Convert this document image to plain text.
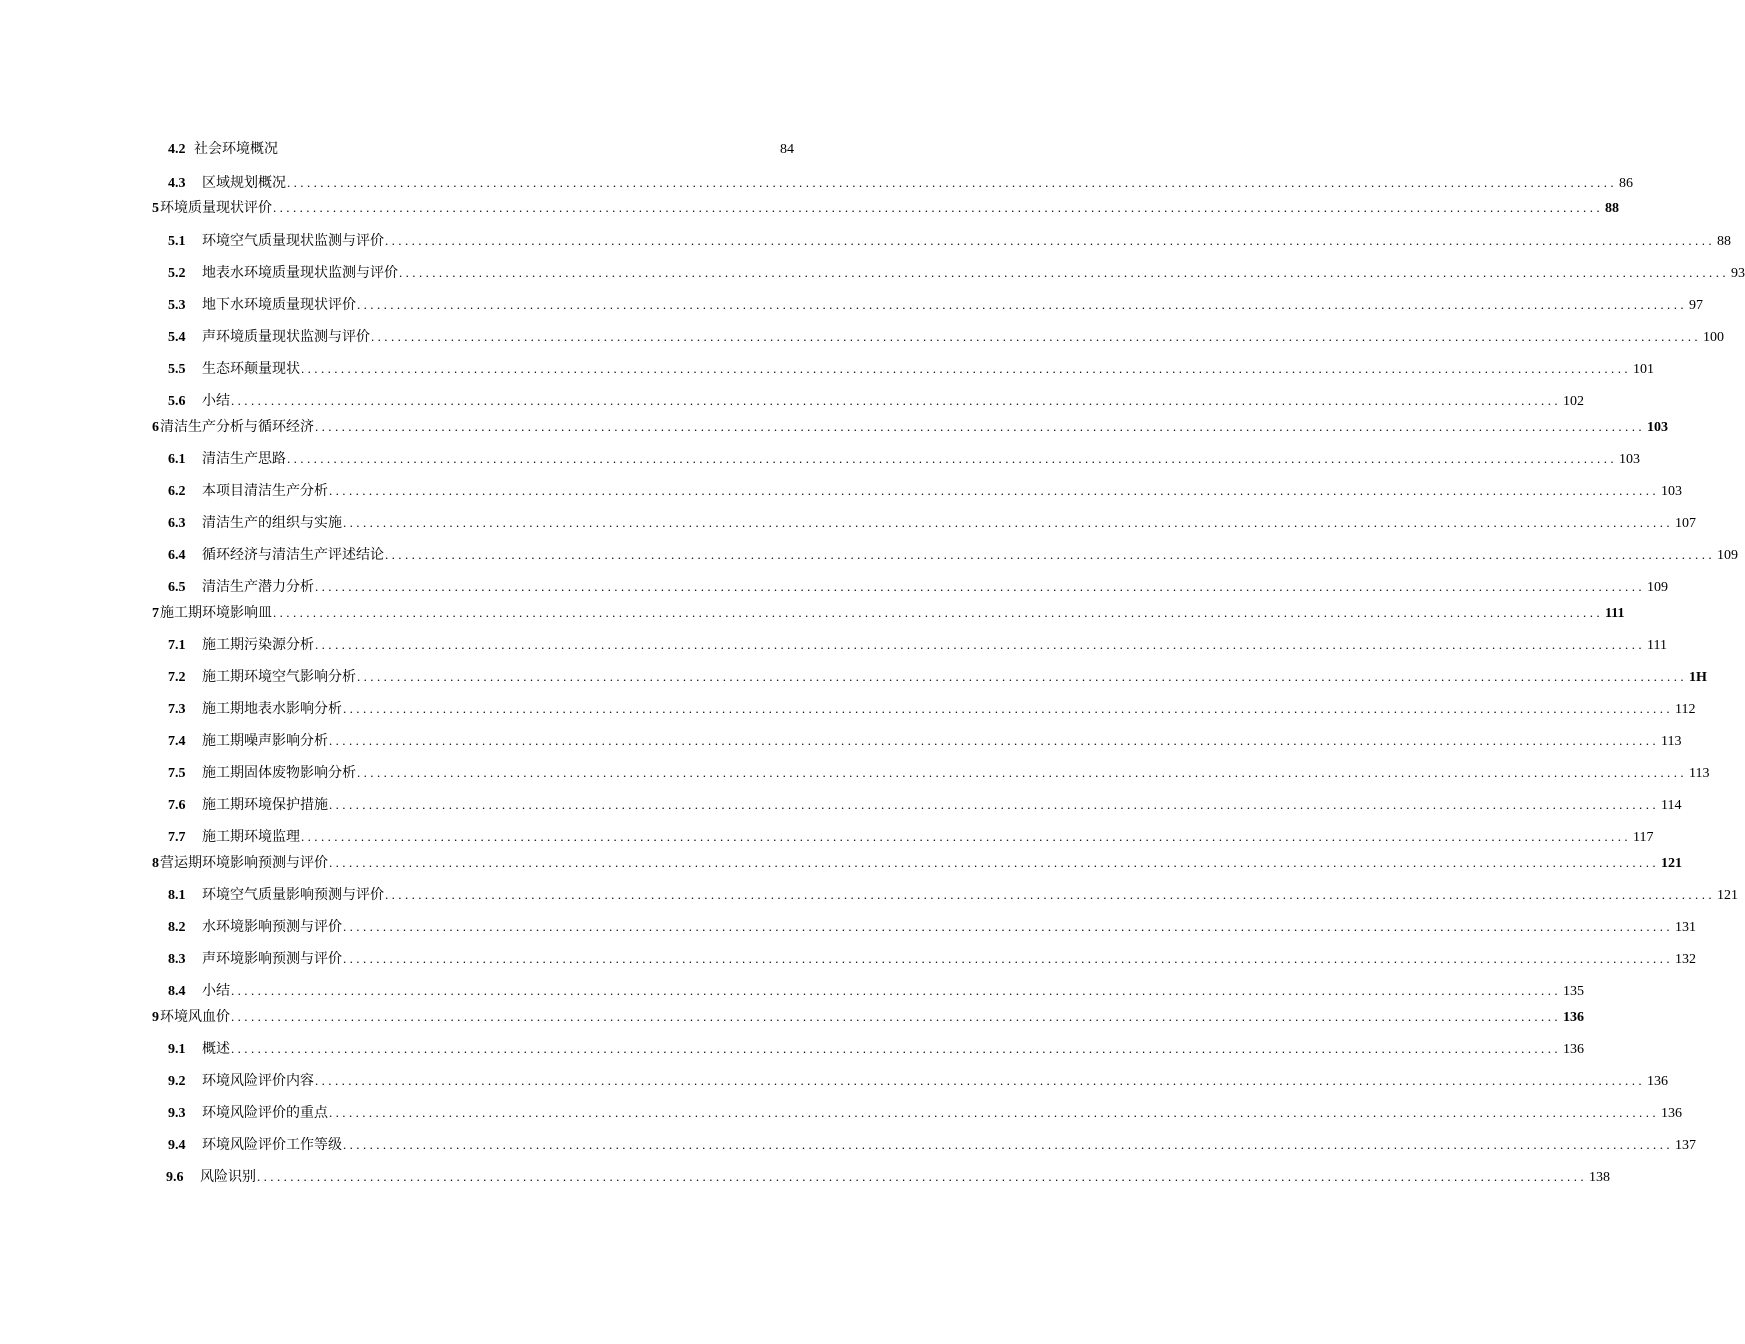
4.2 社会环境概况	84
4.3	区域规划概况 ........................................................................................................................................................................................................ 86
5 环境质量现状评价 ........................................................................................................................................................................................................ 88
5.1	环境空气质量现状监测与评价 ........................................................................................................................................................................................................ 88
5.2	地表水环境质量现状监测与评价 ........................................................................................................................................................................................................ 93
5.3	地下水环境质量现状评价 ........................................................................................................................................................................................................ 97
5.4	声环境质量现状监测与评价 ........................................................................................................................................................................................................ 100
5.5	生态环颠量现状 ........................................................................................................................................................................................................ 101
5.6	小结 ........................................................................................................................................................................................................ 102
6 清洁生产分析与循环经济 ........................................................................................................................................................................................................ 103
6.1	清洁生产思路 ........................................................................................................................................................................................................ 103
6.2	本项目清洁生产分析 ........................................................................................................................................................................................................ 103
6.3	清洁生产的组织与实施 ........................................................................................................................................................................................................ 107
6.4	循环经济与清洁生产评述结论 ........................................................................................................................................................................................................ 109
6.5	清洁生产潜力分析 ........................................................................................................................................................................................................ 109
7 施工期环境影响皿 ........................................................................................................................................................................................................ 111
7.1	施工期污染源分析 ........................................................................................................................................................................................................ 111
7.2	施工期环境空气影响分析 ........................................................................................................................................................................................................ 1H
7.3	施工期地表水影响分析 ........................................................................................................................................................................................................ 112
7.4	施工期噪声影响分析 ........................................................................................................................................................................................................ 113
7.5	施工期固体废物影响分析 ........................................................................................................................................................................................................ 113
7.6	施工期环境保护措施 ........................................................................................................................................................................................................ 114
7.7	施工期环境监理 ........................................................................................................................................................................................................ 117
8 营运期环境影响预测与评价 ........................................................................................................................................................................................................ 121
8.1	环境空气质量影响预测与评价 ........................................................................................................................................................................................................ 121
8.2	水环境影响预测与评价 ........................................................................................................................................................................................................ 131
8.3	声环境影响预测与评价 ........................................................................................................................................................................................................ 132
8.4	小结 ........................................................................................................................................................................................................ 135
9 环境风血价 ........................................................................................................................................................................................................ 136
9.1	概述 ........................................................................................................................................................................................................ 136
9.2	环境风险评价内容 ........................................................................................................................................................................................................ 136
9.3	环境风险评价的重点 ........................................................................................................................................................................................................ 136
9.4	环境风险评价工作等级 ........................................................................................................................................................................................................ 137
9.6	风险识别 ........................................................................................................................................................................................................ 138
